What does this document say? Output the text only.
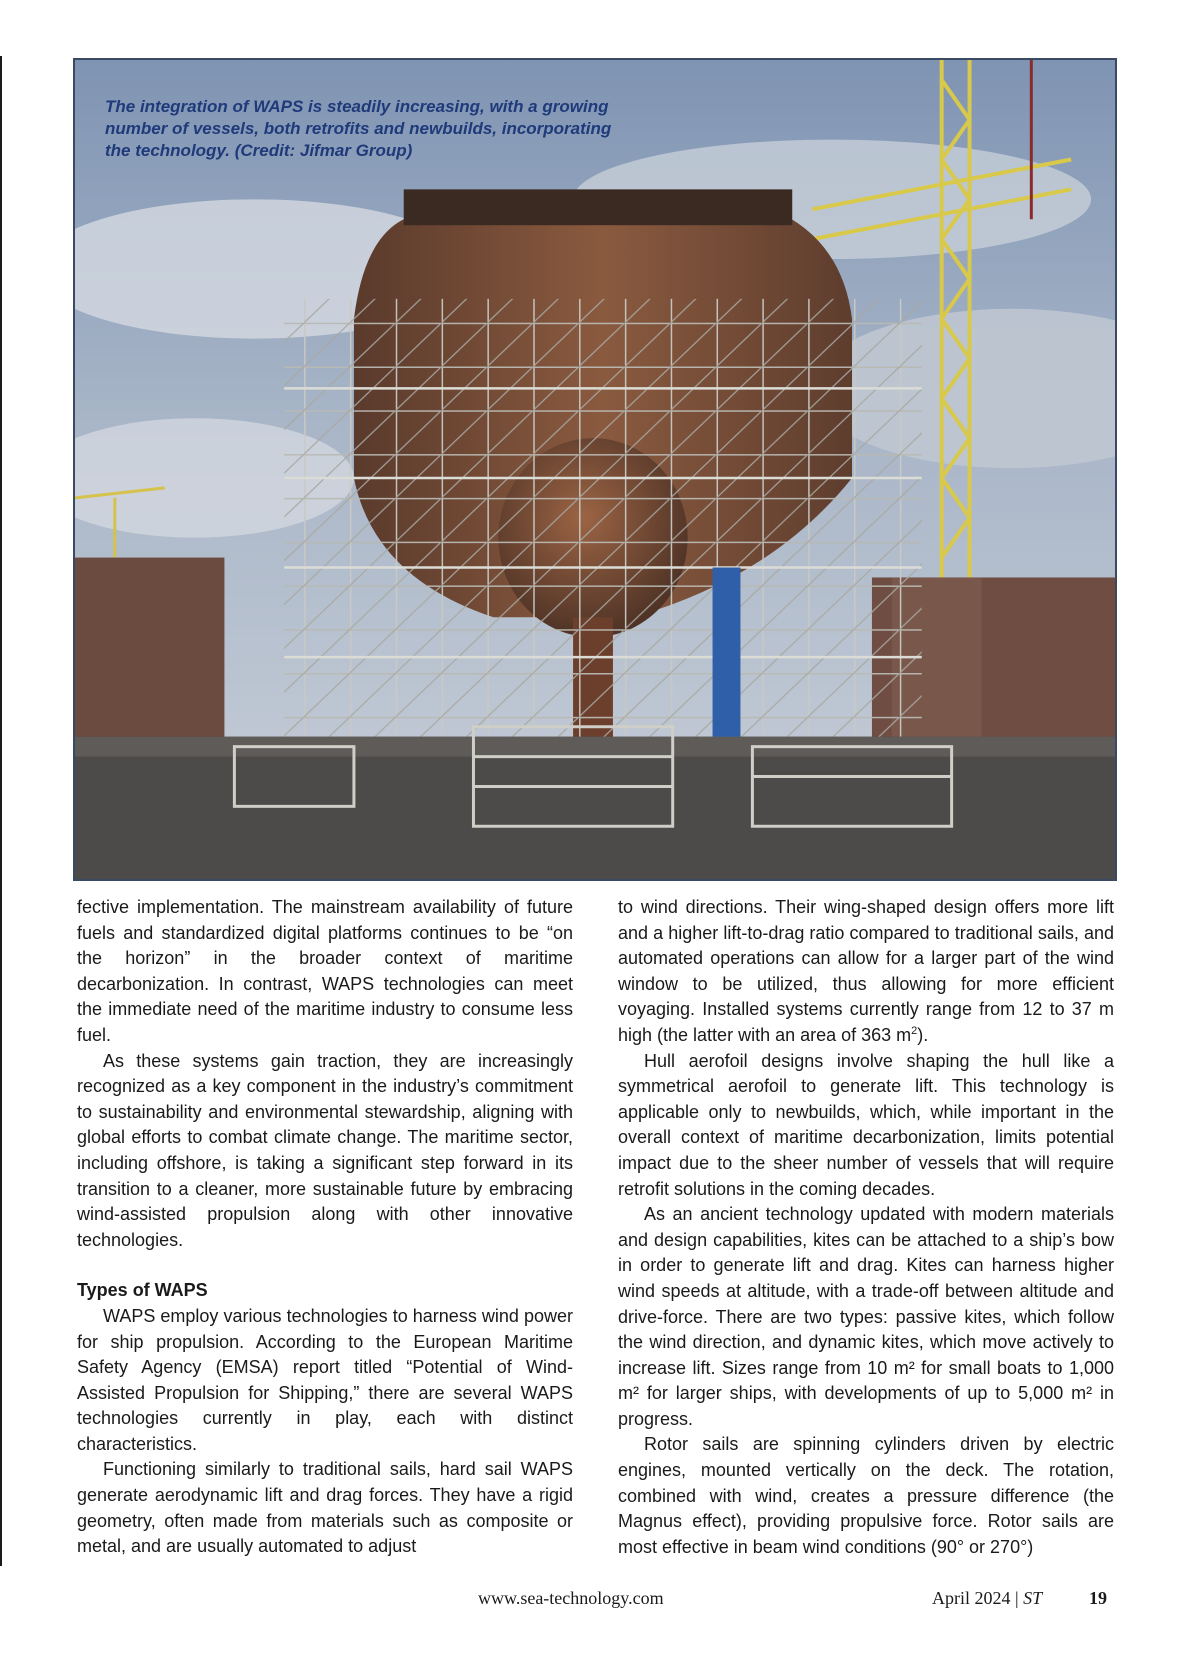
The integration of WAPS is steadily increasing, with a growing number of vessels, both retrofits and newbuilds, incorporating the technology. (Credit: Jifmar Group)

fective implementation. The mainstream availability of future fuels and standardized digital platforms continues to be “on the horizon” in the broader context of maritime decarbonization. In contrast, WAPS technologies can meet the immediate need of the maritime industry to consume less fuel.

As these systems gain traction, they are increasingly recognized as a key component in the industry’s commitment to sustainability and environmental stewardship, aligning with global efforts to combat climate change. The maritime sector, including offshore, is taking a significant step forward in its transition to a cleaner, more sustainable future by embracing wind-assisted propulsion along with other innovative technologies.

Types of WAPS

WAPS employ various technologies to harness wind power for ship propulsion. According to the European Maritime Safety Agency (EMSA) report titled “Potential of Wind-Assisted Propulsion for Shipping,” there are several WAPS technologies currently in play, each with distinct characteristics.

Functioning similarly to traditional sails, hard sail WAPS generate aerodynamic lift and drag forces. They have a rigid geometry, often made from materials such as composite or metal, and are usually automated to adjust

to wind directions. Their wing-shaped design offers more lift and a higher lift-to-drag ratio compared to traditional sails, and automated operations can allow for a larger part of the wind window to be utilized, thus allowing for more efficient voyaging. Installed systems currently range from 12 to 37 m high (the latter with an area of 363 $m^2$).

Hull aerofoil designs involve shaping the hull like a symmetrical aerofoil to generate lift. This technology is applicable only to newbuilds, which, while important in the overall context of maritime decarbonization, limits potential impact due to the sheer number of vessels that will require retrofit solutions in the coming decades.

As an ancient technology updated with modern materials and design capabilities, kites can be attached to a ship’s bow in order to generate lift and drag. Kites can harness higher wind speeds at altitude, with a trade-off between altitude and drive-force. There are two types: passive kites, which follow the wind direction, and dynamic kites, which move actively to increase lift. Sizes range from 10 m² for small boats to 1,000 m² for larger ships, with developments of up to 5,000 m² in progress.

Rotor sails are spinning cylinders driven by electric engines, mounted vertically on the deck. The rotation, combined with wind, creates a pressure difference (the Magnus effect), providing propulsive force. Rotor sails are most effective in beam wind conditions (90° or 270°)

www.sea-technology.com	April 2024 | ST	19
